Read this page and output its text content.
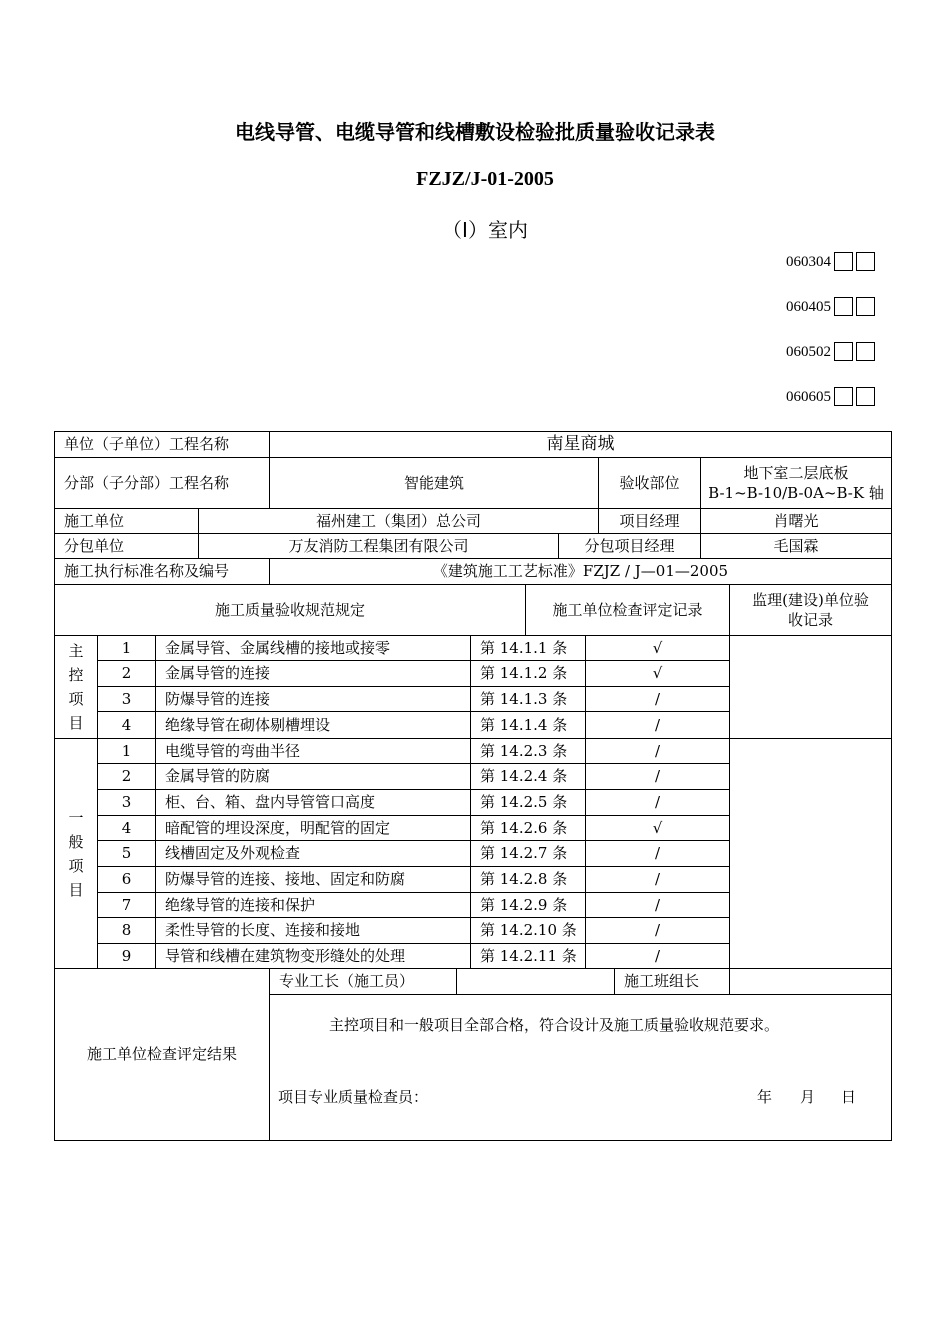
电线导管、电缆导管和线槽敷设检验批质量验收记录表
FZJZ/J-01-2005
（Ⅰ）室内
060304
060405
060502
060605
单位（子单位）工程名称	南星商城
分部（子分部）工程名称	智能建筑	验收部位
地下室二层底板
B-1~B-10/B-0A~B-K 轴
施工单位	福州建工（集团）总公司	项目经理	肖曙光
分包单位	万友消防工程集团有限公司	分包项目经理	毛国霖
施工执行标准名称及编号	《建筑施工工艺标准》FZJZ / J—01—2005
施工质量验收规范规定	施工单位检查评定记录
监理(建设)单位验
收记录
主
控
项
目
1	金属导管、金属线槽的接地或接零	第 14.1.1 条	√
2	金属导管的连接	第 14.1.2 条	√
3	防爆导管的连接	第 14.1.3 条	/
4	绝缘导管在砌体剔槽埋设	第 14.1.4 条	/
一
般
项
目
1	电缆导管的弯曲半径	第 14.2.3 条	/
2	金属导管的防腐	第 14.2.4 条	/
3	柜、台、箱、盘内导管管口高度	第 14.2.5 条	/
4	暗配管的埋设深度，明配管的固定	第 14.2.6 条	√
5	线槽固定及外观检查	第 14.2.7 条	/
6	防爆导管的连接、接地、固定和防腐	第 14.2.8 条	/
7	绝缘导管的连接和保护	第 14.2.9 条	/
8	柔性导管的长度、连接和接地	第 14.2.10 条	/
9	导管和线槽在建筑物变形缝处的处理	第 14.2.11 条	/
施工单位检查评定结果
专业工长（施工员）	施工班组长
主控项目和一般项目全部合格，符合设计及施工质量验收规范要求。
项目专业质量检查员：	年	月	日
